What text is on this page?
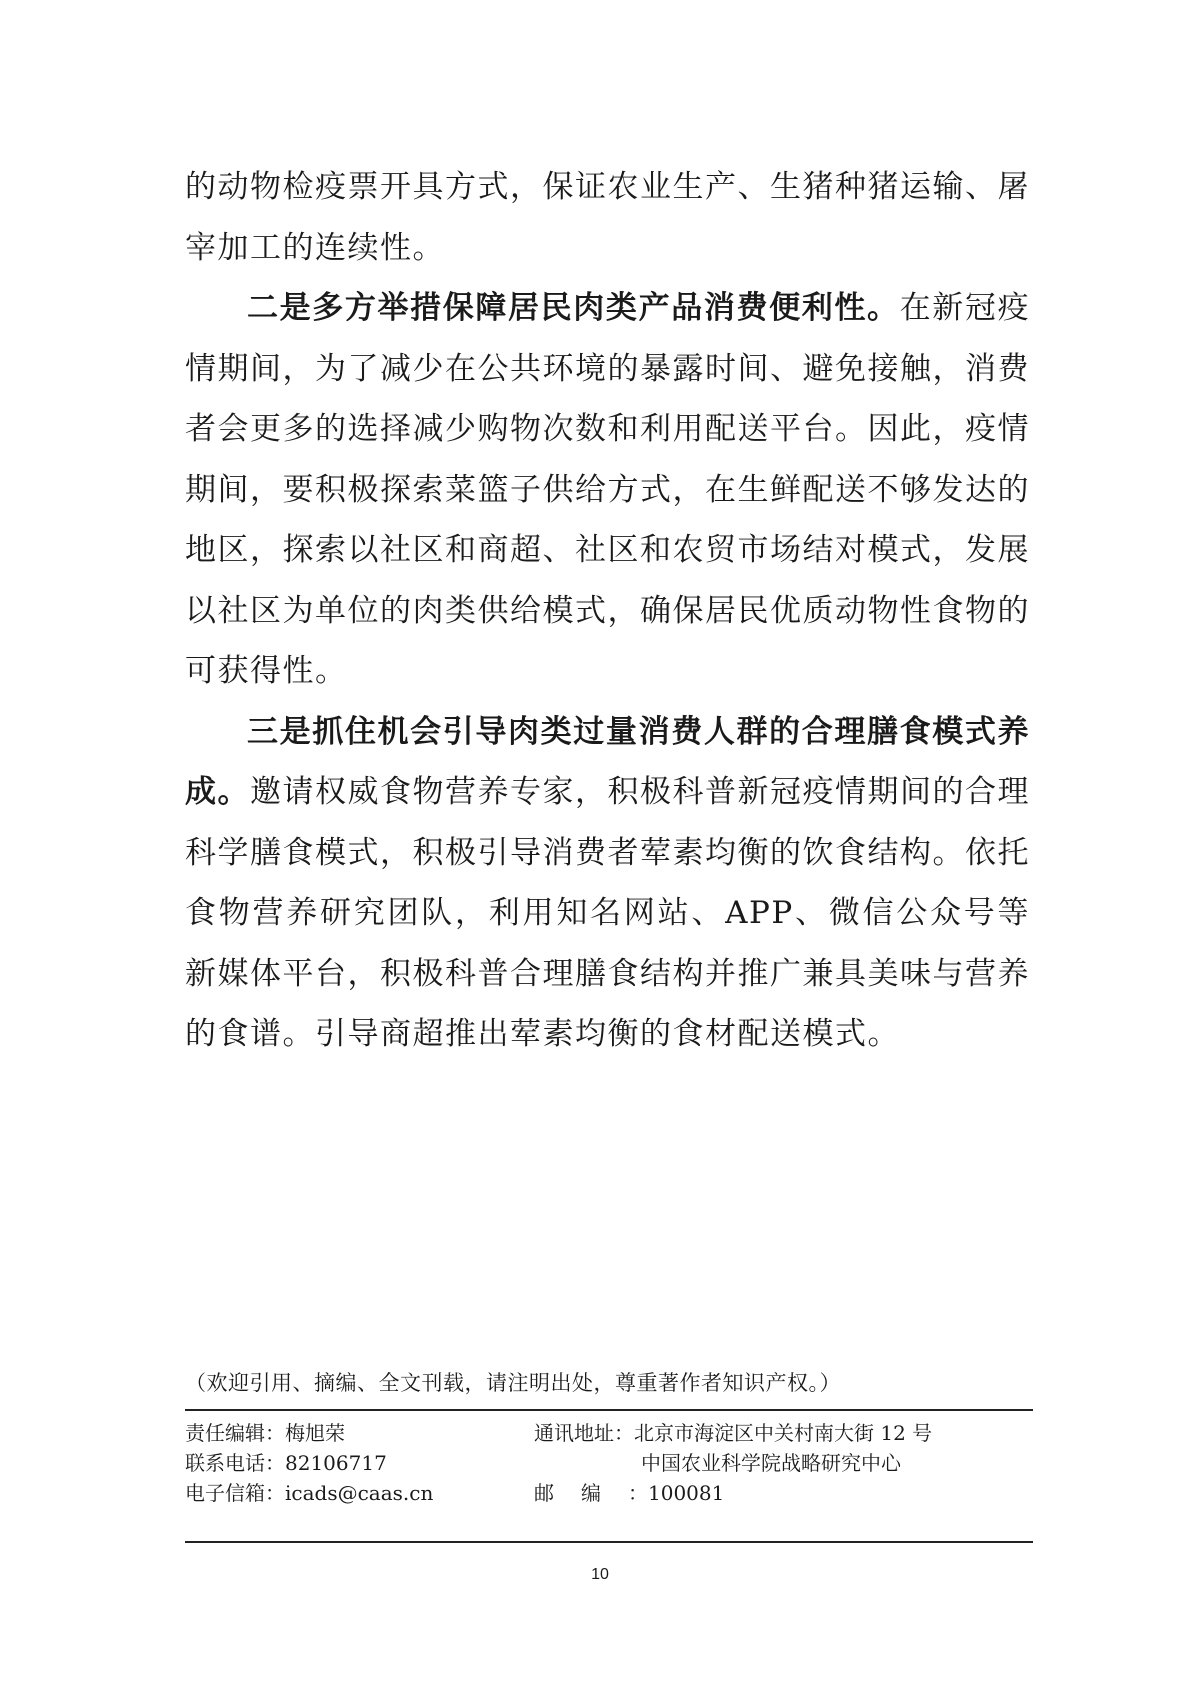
的动物检疫票开具方式，保证农业生产、生猪种猪运输、屠宰加工的连续性。

二是多方举措保障居民肉类产品消费便利性。在新冠疫情期间，为了减少在公共环境的暴露时间、避免接触，消费者会更多的选择减少购物次数和利用配送平台。因此，疫情期间，要积极探索菜篮子供给方式，在生鲜配送不够发达的地区，探索以社区和商超、社区和农贸市场结对模式，发展以社区为单位的肉类供给模式，确保居民优质动物性食物的可获得性。

三是抓住机会引导肉类过量消费人群的合理膳食模式养成。邀请权威食物营养专家，积极科普新冠疫情期间的合理科学膳食模式，积极引导消费者荤素均衡的饮食结构。依托食物营养研究团队，利用知名网站、APP、微信公众号等新媒体平台，积极科普合理膳食结构并推广兼具美味与营养的食谱。引导商超推出荤素均衡的食材配送模式。

（欢迎引用、摘编、全文刊载，请注明出处，尊重著作者知识产权。）
责任编辑：梅旭荣
联系电话：82106717
电子信箱：icads@caas.cn
通讯地址：北京市海淀区中关村南大街 12 号
中国农业科学院战略研究中心
邮编：100081
10
